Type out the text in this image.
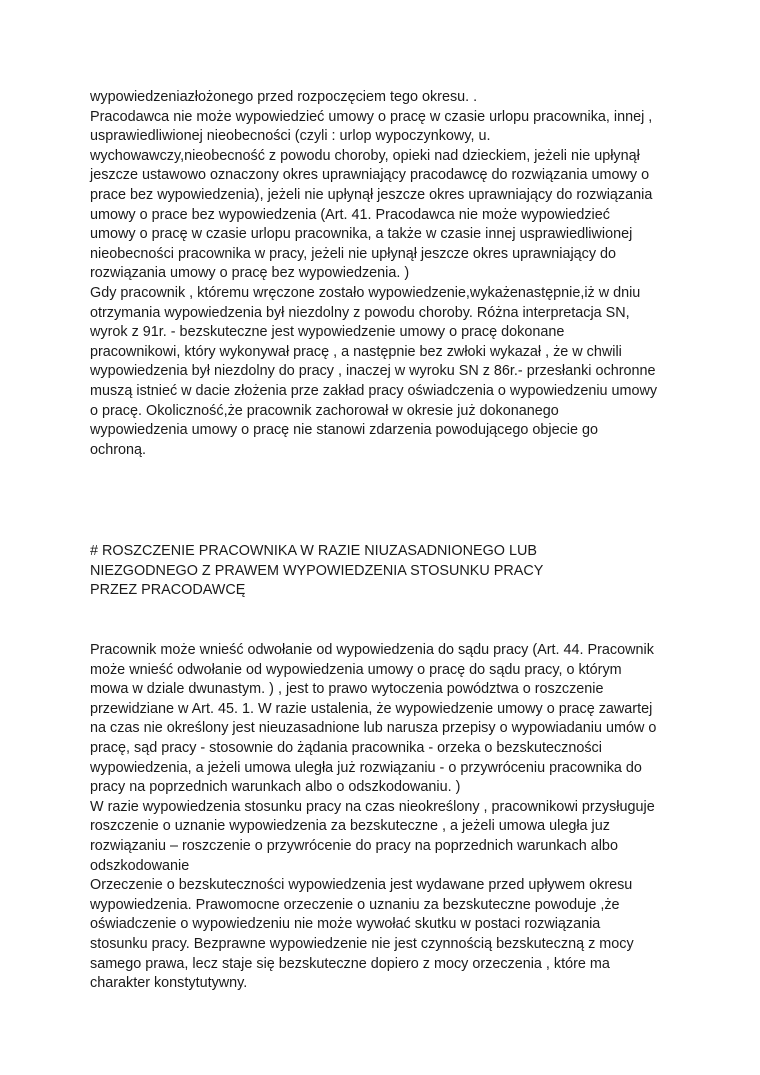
wypowiedzeniazłożonego przed rozpoczęciem tego okresu. .

Pracodawca nie może wypowiedzieć umowy o pracę w czasie urlopu pracownika, innej ,

usprawiedliwionej nieobecności (czyli : urlop wypoczynkowy, u.

wychowawczy,nieobecność z powodu choroby, opieki nad dzieckiem, jeżeli nie upłynął

jeszcze ustawowo oznaczony okres uprawniający pracodawcę do rozwiązania umowy o

prace bez wypowiedzenia), jeżeli nie upłynął jeszcze okres uprawniający do rozwiązania

umowy o prace bez wypowiedzenia (Art. 41. Pracodawca nie może wypowiedzieć

umowy o pracę w czasie urlopu pracownika, a także w czasie innej usprawiedliwionej

nieobecności pracownika w pracy, jeżeli nie upłynął jeszcze okres uprawniający do

rozwiązania umowy o pracę bez wypowiedzenia. )

Gdy pracownik , któremu wręczone zostało wypowiedzenie,wykażenastępnie,iż w dniu

otrzymania wypowiedzenia był niezdolny z powodu choroby. Różna interpretacja SN,

wyrok z 91r. - bezskuteczne jest wypowiedzenie umowy o pracę dokonane

pracownikowi, który wykonywał pracę , a następnie bez zwłoki wykazał , że w chwili

wypowiedzenia był niezdolny do pracy , inaczej w wyroku SN z 86r.- przesłanki ochronne

muszą istnieć w dacie złożenia prze zakład pracy oświadczenia o wypowiedzeniu umowy

o pracę. Okoliczność,że pracownik zachorował w okresie już dokonanego

wypowiedzenia umowy o pracę nie stanowi zdarzenia powodującego objecie go

ochroną.

# ROSZCZENIE PRACOWNIKA W RAZIE NIUZASADNIONEGO LUB

NIEZGODNEGO Z PRAWEM WYPOWIEDZENIA STOSUNKU PRACY

PRZEZ PRACODAWCĘ

Pracownik może wnieść odwołanie od wypowiedzenia do sądu pracy (Art. 44. Pracownik

może wnieść odwołanie od wypowiedzenia umowy o pracę do sądu pracy, o którym

mowa w dziale dwunastym. ) , jest to prawo wytoczenia powództwa o roszczenie

przewidziane w Art. 45. 1. W razie ustalenia, że wypowiedzenie umowy o pracę zawartej

na czas nie określony jest nieuzasadnione lub narusza przepisy o wypowiadaniu umów o

pracę, sąd pracy - stosownie do żądania pracownika - orzeka o bezskuteczności

wypowiedzenia, a jeżeli umowa uległa już rozwiązaniu - o przywróceniu pracownika do

pracy na poprzednich warunkach albo o odszkodowaniu. )

W razie wypowiedzenia stosunku pracy na czas nieokreślony , pracownikowi przysługuje

roszczenie o uznanie wypowiedzenia za bezskuteczne , a jeżeli umowa uległa juz

rozwiązaniu – roszczenie o przywrócenie do pracy na poprzednich warunkach albo

odszkodowanie

Orzeczenie o bezskuteczności wypowiedzenia jest wydawane przed upływem okresu

wypowiedzenia. Prawomocne orzeczenie o uznaniu za bezskuteczne powoduje ,że

oświadczenie o wypowiedzeniu nie może wywołać skutku w postaci rozwiązania

stosunku pracy. Bezprawne wypowiedzenie nie jest czynnością bezskuteczną z mocy

samego prawa, lecz staje się bezskuteczne dopiero z mocy orzeczenia , które ma

charakter konstytutywny.
